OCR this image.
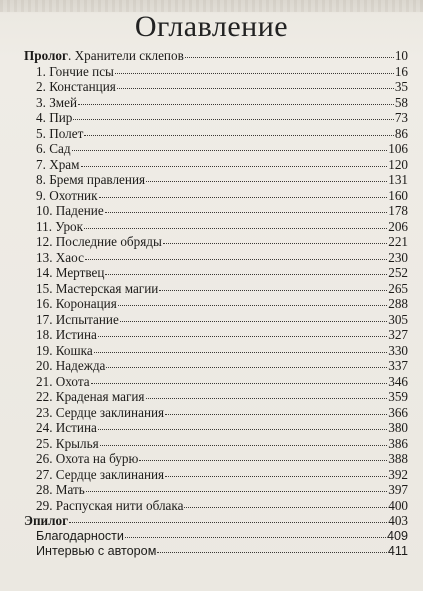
Оглавление
Пролог. Хранители склепов	10
1. Гончие псы	16
2. Констанция	35
3. Змей	58
4. Пир	73
5. Полет	86
6. Сад	106
7. Храм	120
8. Бремя правления	131
9. Охотник	160
10. Падение	178
11. Урок	206
12. Последние обряды	221
13. Хаос	230
14. Мертвец	252
15. Мастерская магии	265
16. Коронация	288
17. Испытание	305
18. Истина	327
19. Кошка	330
20. Надежда	337
21. Охота	346
22. Краденая магия	359
23. Сердце заклинания	366
24. Истина	380
25. Крылья	386
26. Охота на бурю	388
27. Сердце заклинания	392
28. Мать	397
29. Распуская нити облака	400
Эпилог	403
Благодарности	409
Интервью с автором	411
